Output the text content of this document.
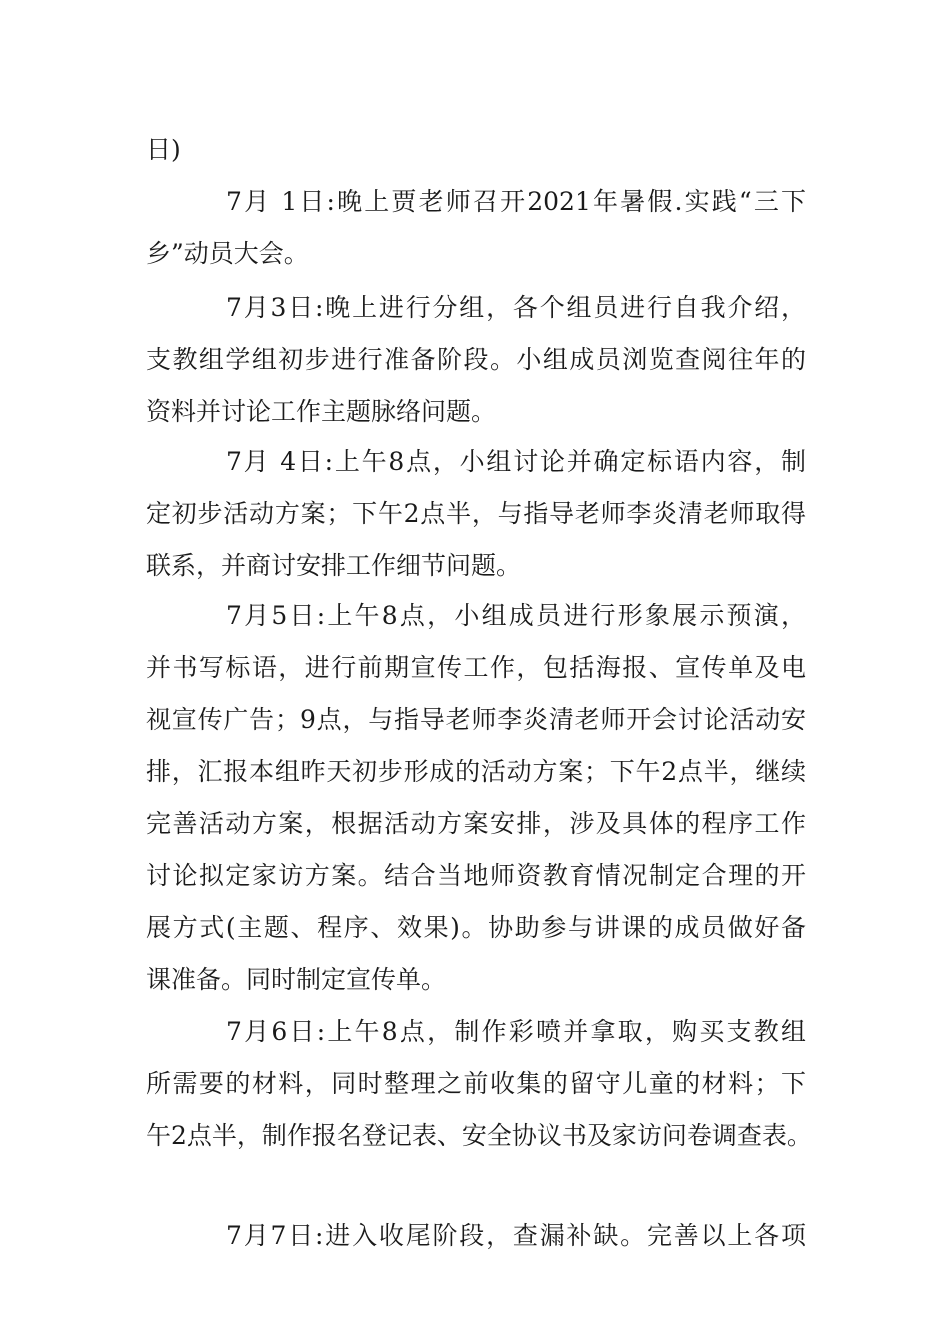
日)
7月 1日:晚上贾老师召开2021年暑假.实践“三下
乡”动员大会。
7月3日:晚上进行分组，各个组员进行自我介绍，
支教组学组初步进行准备阶段。小组成员浏览查阅往年的
资料并讨论工作主题脉络问题。
7月 4日:上午8点，小组讨论并确定标语内容，制
定初步活动方案；下午2点半，与指导老师李炎清老师取得
联系，并商讨安排工作细节问题。
7月5日:上午8点，小组成员进行形象展示预演，
并书写标语，进行前期宣传工作，包括海报、宣传单及电
视宣传广告；9点，与指导老师李炎清老师开会讨论活动安
排，汇报本组昨天初步形成的活动方案；下午2点半，继续
完善活动方案，根据活动方案安排，涉及具体的程序工作
讨论拟定家访方案。结合当地师资教育情况制定合理的开
展方式(主题、程序、效果)。协助参与讲课的成员做好备
课准备。同时制定宣传单。
7月6日:上午8点，制作彩喷并拿取，购买支教组
所需要的材料，同时整理之前收集的留守儿童的材料；下
午2点半，制作报名登记表、安全协议书及家访问卷调查表。
7月7日:进入收尾阶段，查漏补缺。完善以上各项
